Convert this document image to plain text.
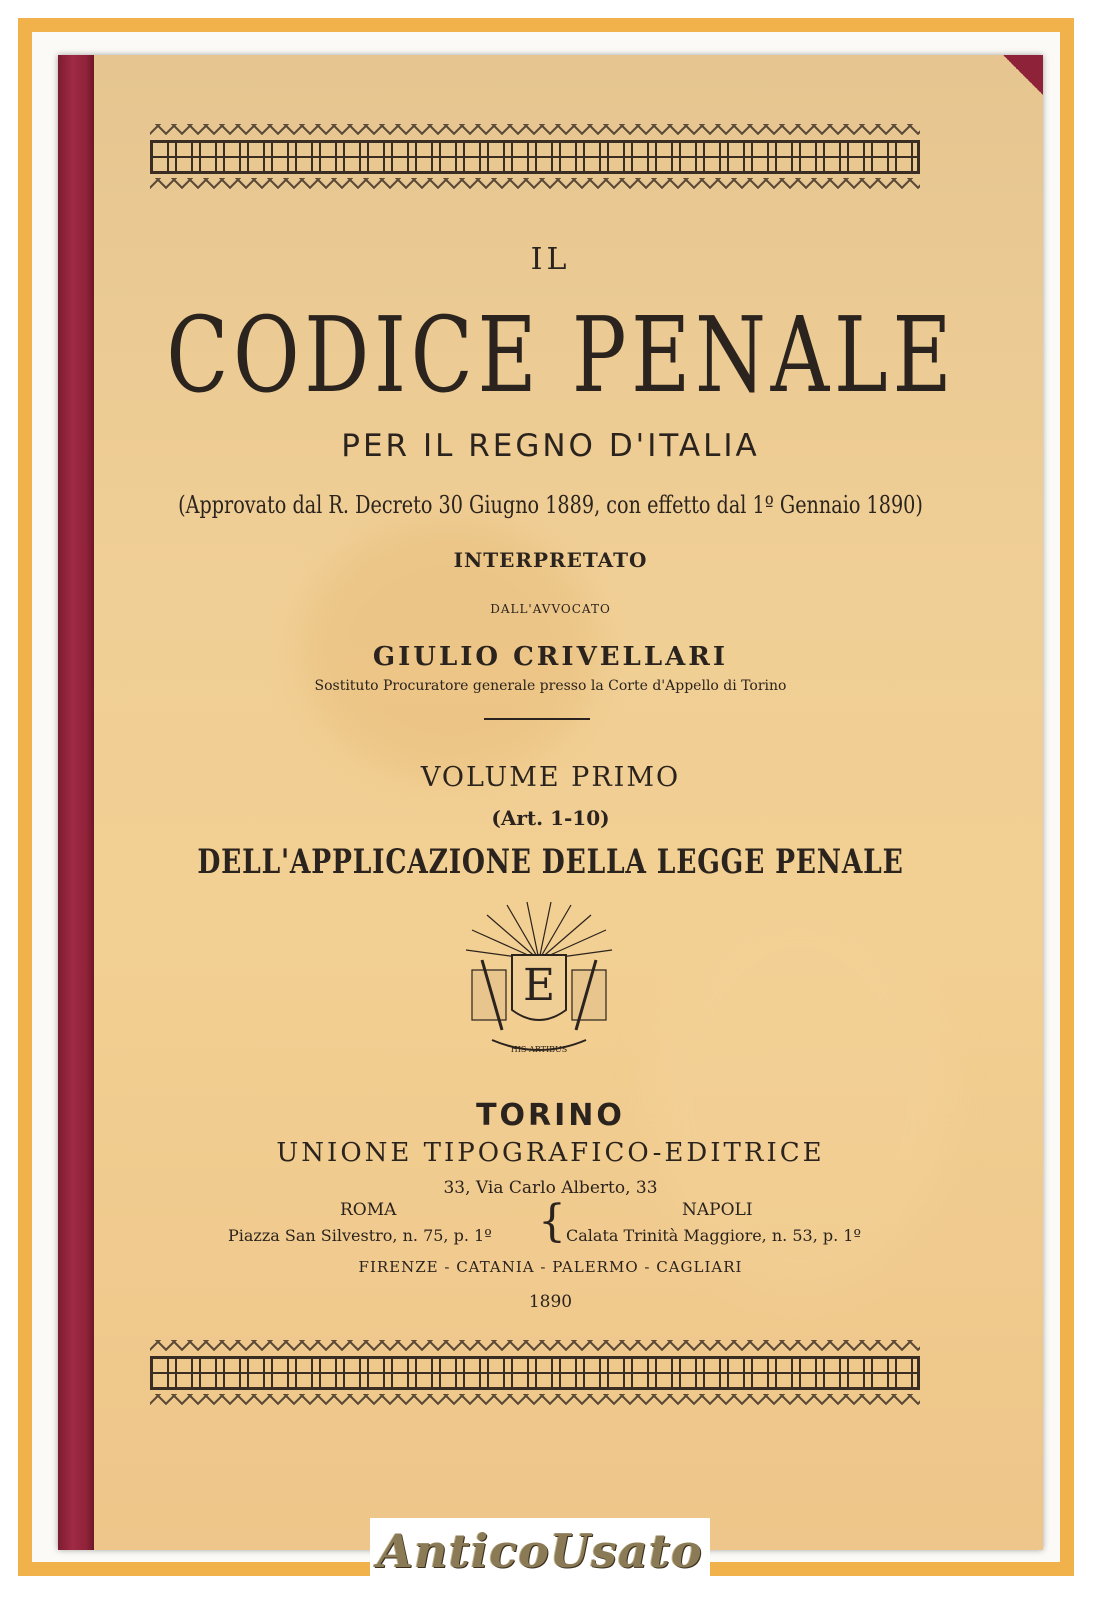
IL
CODICE PENALE
PER IL REGNO D'ITALIA
(Approvato dal R. Decreto 30 Giugno 1889, con effetto dal 1º Gennaio 1890)
INTERPRETATO
DALL'AVVOCATO
GIULIO CRIVELLARI
Sostituto Procuratore generale presso la Corte d'Appello di Torino
VOLUME PRIMO
(Art. 1-10)
DELL'APPLICAZIONE DELLA LEGGE PENALE
E
HIS ARTIBUS
TORINO
UNIONE TIPOGRAFICO-EDITRICE
33, Via Carlo Alberto, 33
ROMA	NAPOLI
{
Piazza San Silvestro, n. 75, p. 1º	Calata Trinità Maggiore, n. 53, p. 1º
FIRENZE - CATANIA - PALERMO - CAGLIARI
1890
AnticoUsato
